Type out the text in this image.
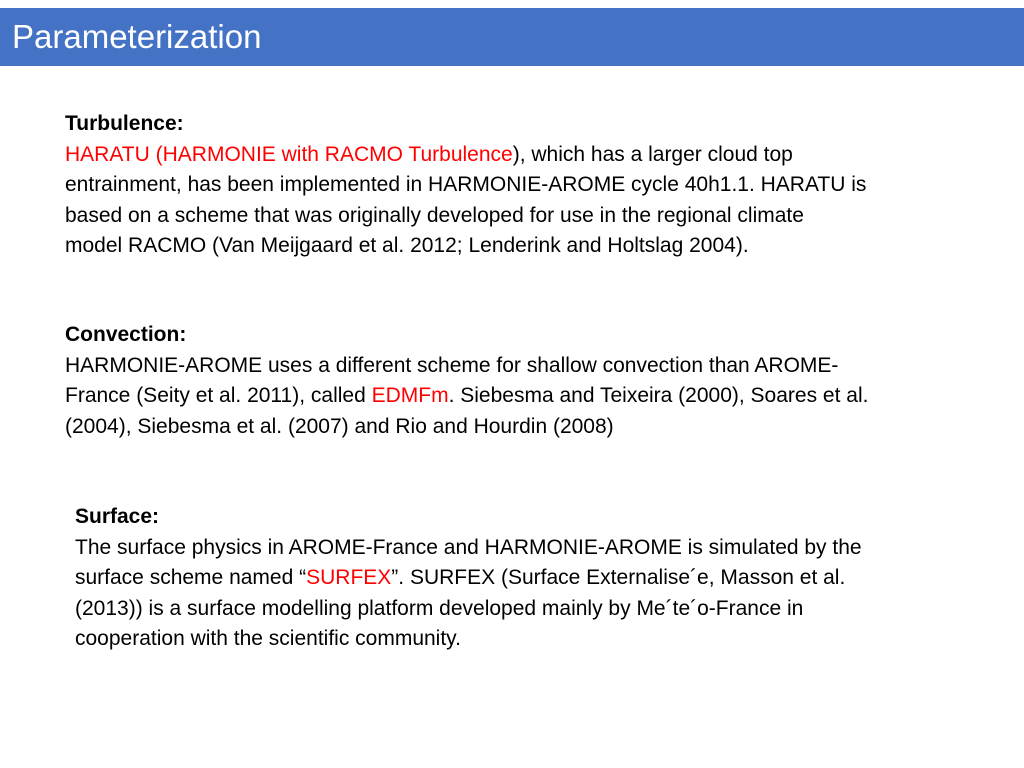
Parameterization
Turbulence:
HARATU (HARMONIE with RACMO Turbulence), which has a larger cloud top
entrainment, has been implemented in HARMONIE-AROME cycle 40h1.1. HARATU is
based on a scheme that was originally developed for use in the regional climate
model RACMO (Van Meijgaard et al. 2012; Lenderink and Holtslag 2004).
Convection:
HARMONIE-AROME uses a different scheme for shallow convection than AROME-
France (Seity et al. 2011), called EDMFm. Siebesma and Teixeira (2000), Soares et al.
(2004), Siebesma et al. (2007) and Rio and Hourdin (2008)
Surface:
The surface physics in AROME-France and HARMONIE-AROME is simulated by the
surface scheme named “SURFEX”. SURFEX (Surface Externalise´e, Masson et al.
(2013)) is a surface modelling platform developed mainly by Me´te´o-France in
cooperation with the scientific community.
